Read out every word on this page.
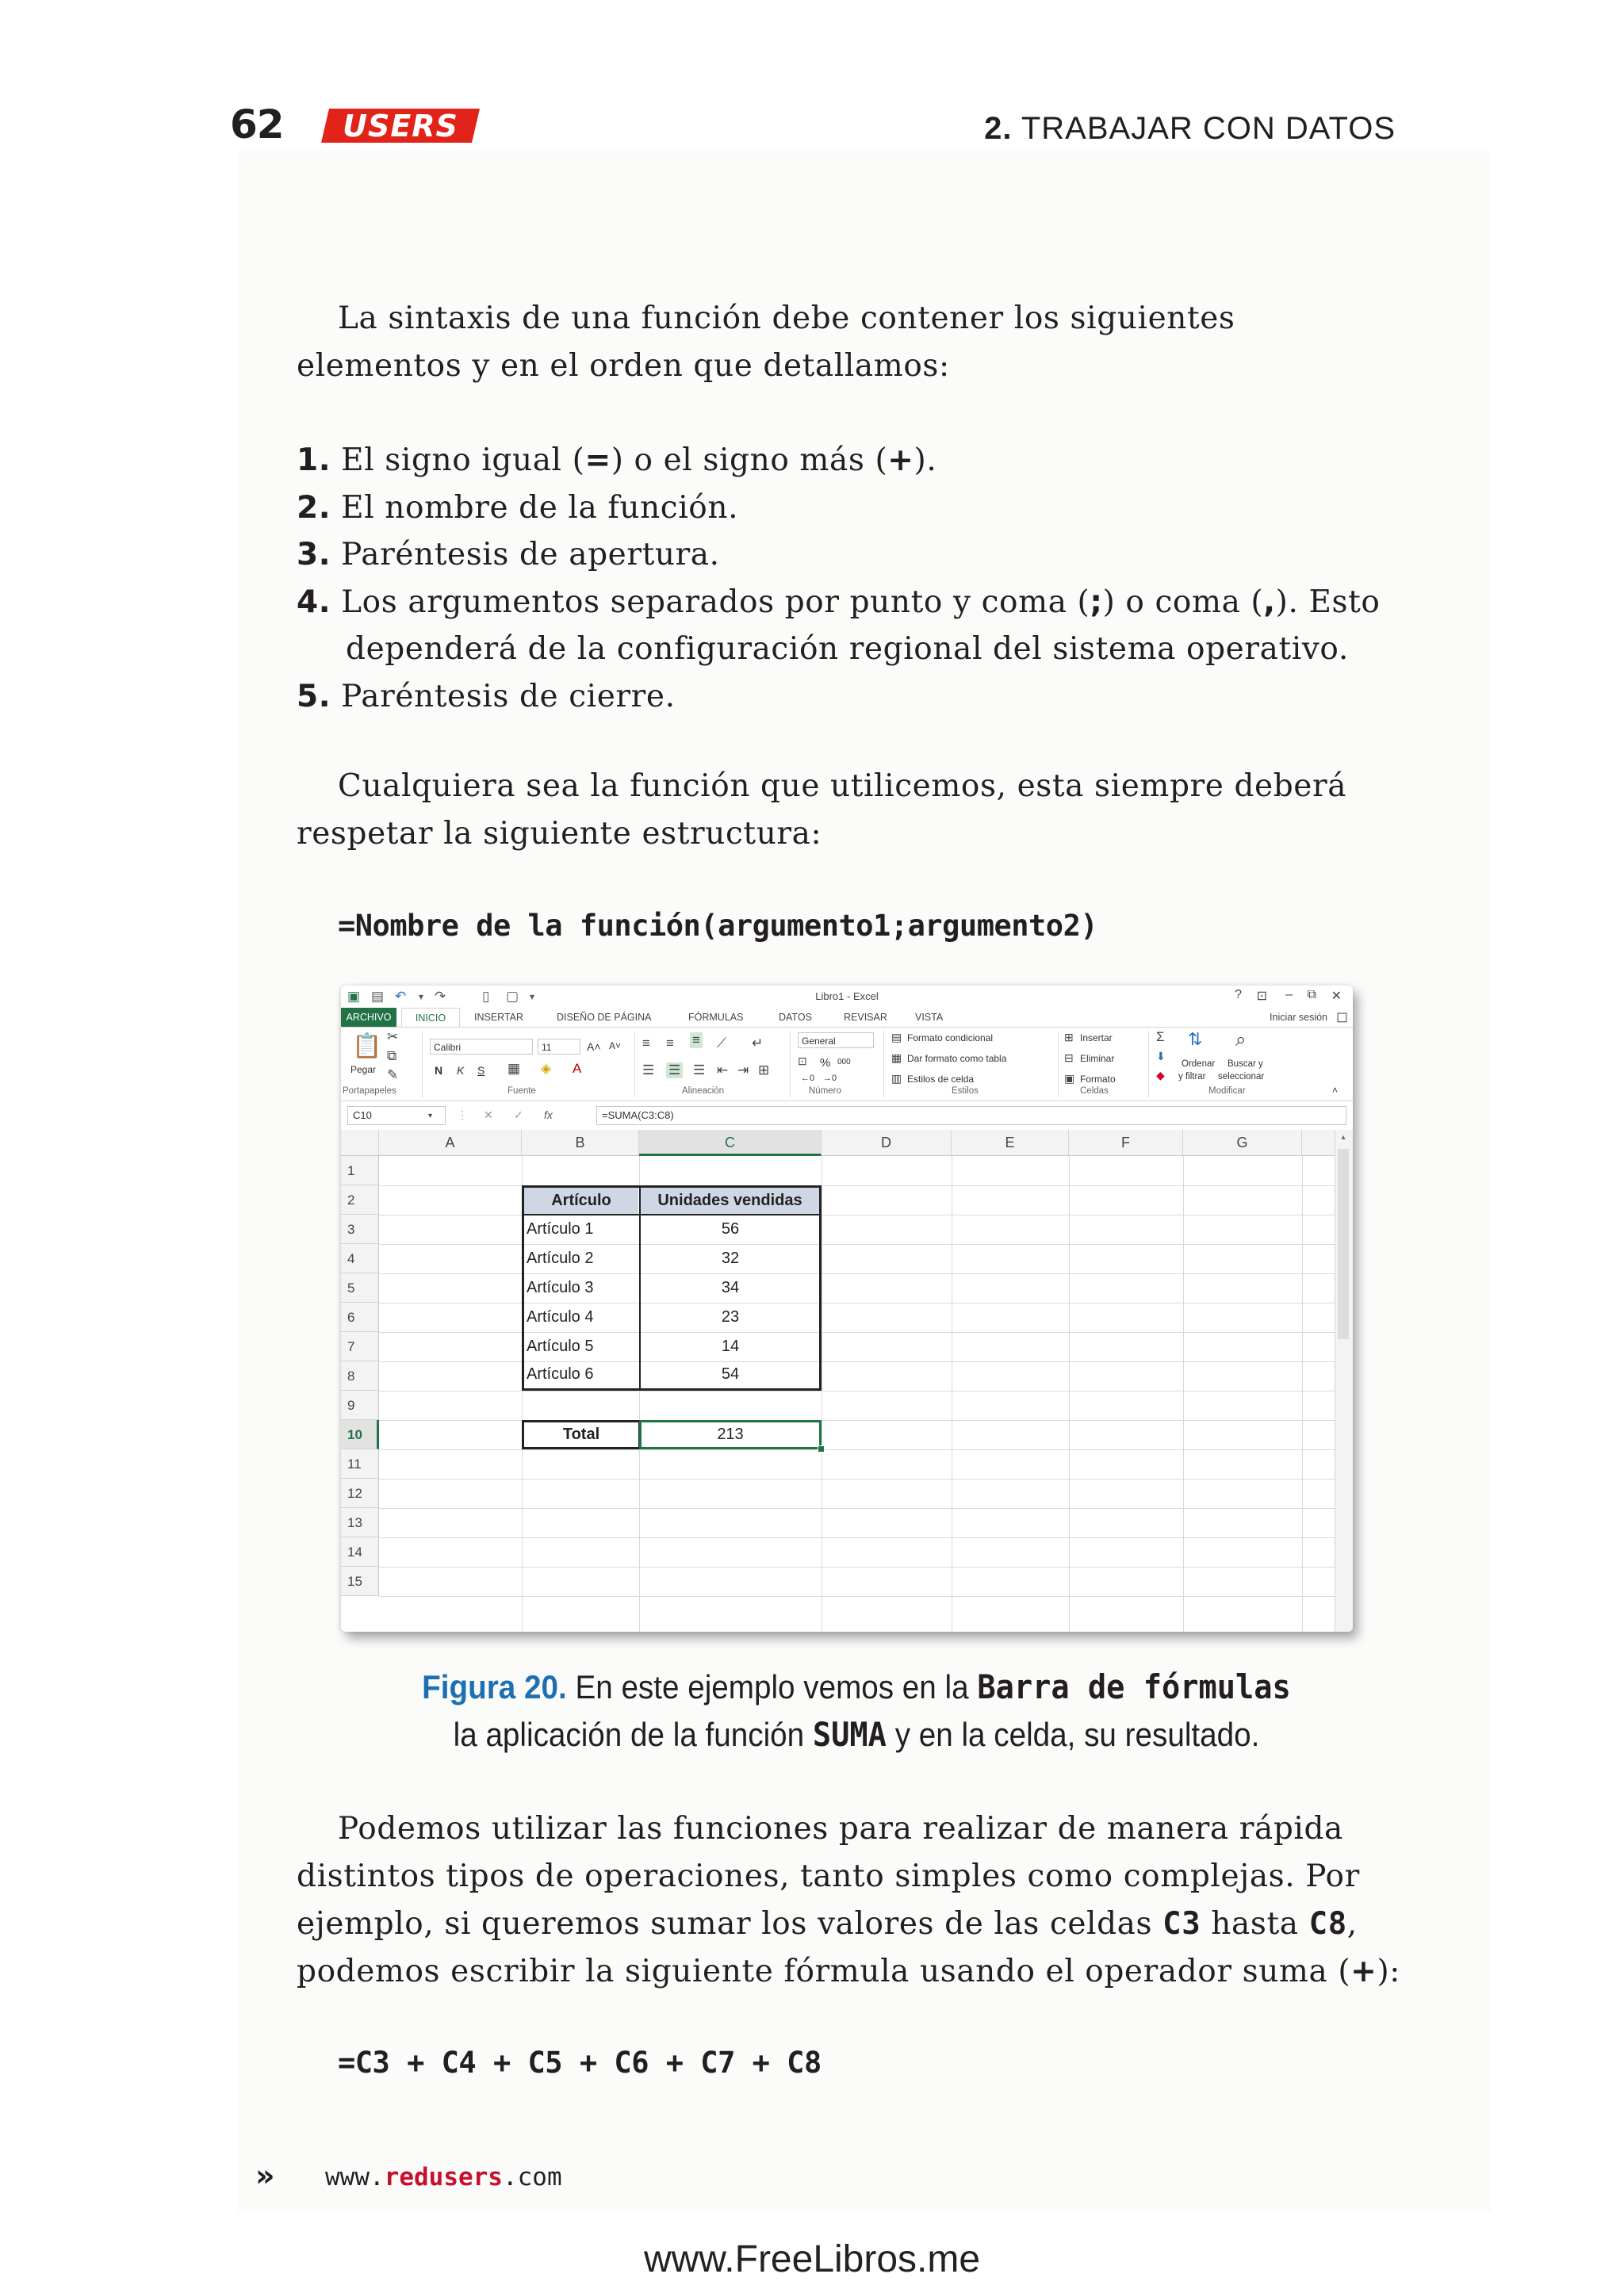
62 USERS	2. TRABAJAR CON DATOS
La sintaxis de una función debe contener los siguientes elementos y en el orden que detallamos:
1. El signo igual (=) o el signo más (+).
2. El nombre de la función.
3. Paréntesis de apertura.
4. Los argumentos separados por punto y coma (;) o coma (,). Esto
dependerá de la configuración regional del sistema operativo.
5. Paréntesis de cierre.
Cualquiera sea la función que utilicemos, esta siempre deberá respetar la siguiente estructura:
=Nombre de la función(argumento1;argumento2)
▣ ▤ ↶ ▾ ↷	▯ ▢ ▾	Libro1 - Excel	? ⊡ – ⧉ ✕
ARCHIVO	INICIO	INSERTAR	DISEÑO DE PÁGINA	FÓRMULAS	DATOS	REVISAR	VISTA	Iniciar sesión ◻
📋
Pegar
✂
⧉
✎
Portapapeles
Calibri	11	A˄ A˅
N K S ▦ ◈ A
Fuente
≡ ≡ ≡ ⟋ ↵
☰ ☰ ☰ ⇤ ⇥ ⊞
Alineación
General
⊡ % 000
←0 →0
Número
▤ Formato condicional
▦ Dar formato como tabla
▥ Estilos de celda
Estilos
⊞ Insertar
⊟ Eliminar
▣ Formato
Celdas
Σ
⬇
◆
⇅
Ordenar
y filtrar
⌕
Buscar y
seleccionar
Modificar	˄
C10	▾ ⋮ ✕ ✓ fx	=SUMA(C3:C8)
A	B	C	D	E	F	G
1
2
3
4
5
6
7
8
9
10
11
12
13
14
15
Artículo	Unidades vendidas
Artículo 1	56
Artículo 2	32
Artículo 3	34
Artículo 4	23
Artículo 5	14
Artículo 6	54
Total	213
▴
Figura 20. En este ejemplo vemos en la Barra de fórmulas
la aplicación de la función SUMA y en la celda, su resultado.
Podemos utilizar las funciones para realizar de manera rápida distintos tipos de operaciones, tanto simples como complejas. Por ejemplo, si queremos sumar los valores de las celdas C3 hasta C8, podemos escribir la siguiente fórmula usando el operador suma (+):
=C3 + C4 + C5 + C6 + C7 + C8
» www.redusers.com
www.FreeLibros.me
